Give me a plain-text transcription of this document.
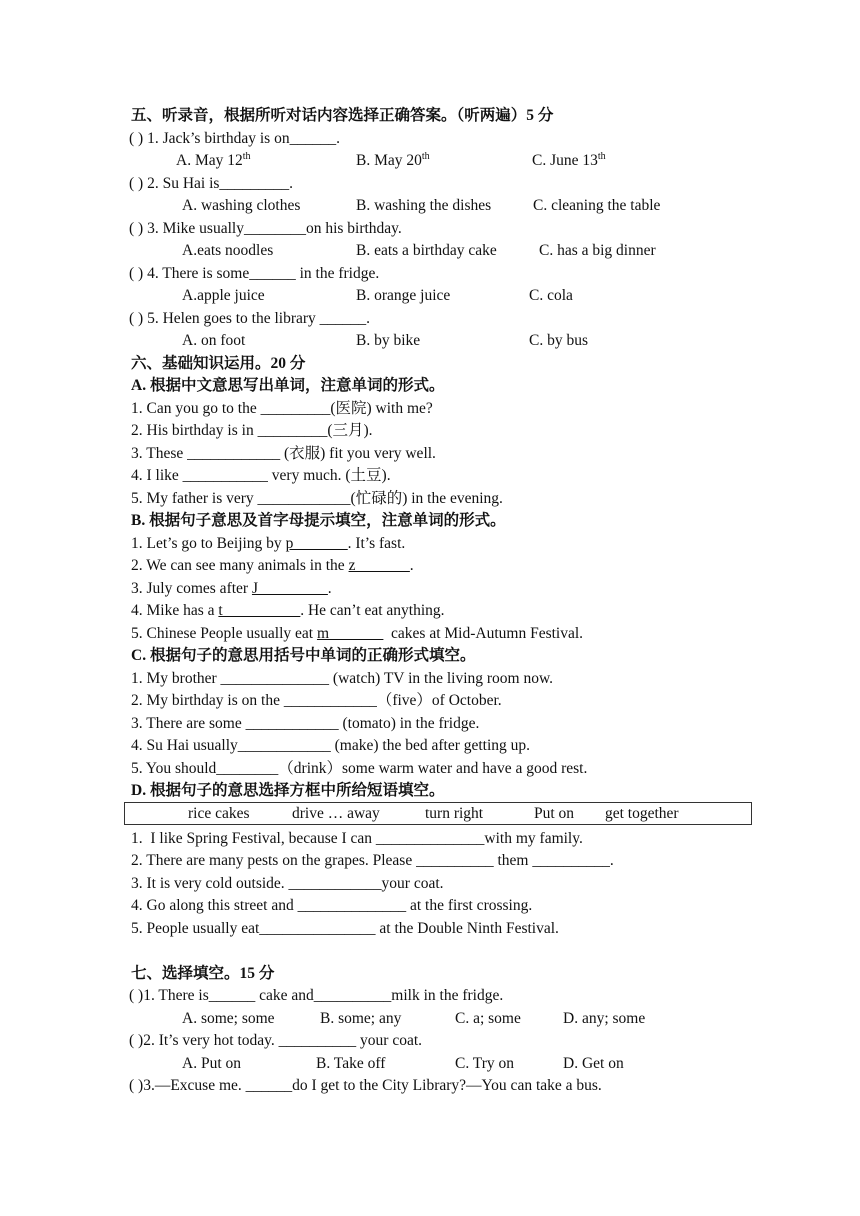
五、听录音，根据所听对话内容选择正确答案。（听两遍）5 分
( ) 1. Jack’s birthday is on______.
A. May 12th	B. May 20th	C. June 13th
( ) 2. Su Hai is_________.
A. washing clothes	B. washing the dishes	C. cleaning the table
( ) 3. Mike usually________on his birthday.
A.eats noodles	B. eats a birthday cake	C. has a big dinner
( ) 4. There is some______ in the fridge.
A.apple juice	B. orange juice	C. cola
( ) 5. Helen goes to the library ______.
A. on foot	B. by bike	C. by bus
六、基础知识运用。20 分
A. 根据中文意思写出单词，注意单词的形式。
1. Can you go to the _________(医院) with me?
2. His birthday is in _________(三月).
3. These ____________ (衣服) fit you very well.
4. I like ___________ very much. (土豆).
5. My father is very ____________(忙碌的) in the evening.
B. 根据句子意思及首字母提示填空，注意单词的形式。
1. Let’s go to Beijing by p_______. It’s fast.
2. We can see many animals in the z_______.
3. July comes after J_________.
4. Mike has a t__________. He can’t eat anything.
5. Chinese People usually eat m_______  cakes at Mid-Autumn Festival.
C. 根据句子的意思用括号中单词的正确形式填空。
1. My brother ______________ (watch) TV in the living room now.
2. My birthday is on the ____________（five）of October.
3. There are some ____________ (tomato) in the fridge.
4. Su Hai usually____________ (make) the bed after getting up.
5. You should________（drink）some warm water and have a good rest.
D. 根据句子的意思选择方框中所给短语填空。
rice cakes	drive … away	turn right	Put on get together
1.  I like Spring Festival, because I can ______________with my family.
2. There are many pests on the grapes. Please __________ them __________.
3. It is very cold outside. ____________your coat.
4. Go along this street and ______________ at the first crossing.
5. People usually eat_______________ at the Double Ninth Festival.
七、选择填空。15 分
( )1. There is______ cake and__________milk in the fridge.
A. some; some	B. some; any	C. a; some	D. any; some
( )2. It’s very hot today. __________ your coat.
A. Put on	B. Take off	C. Try on	D. Get on
( )3.—Excuse me. ______do I get to the City Library?—You can take a bus.
